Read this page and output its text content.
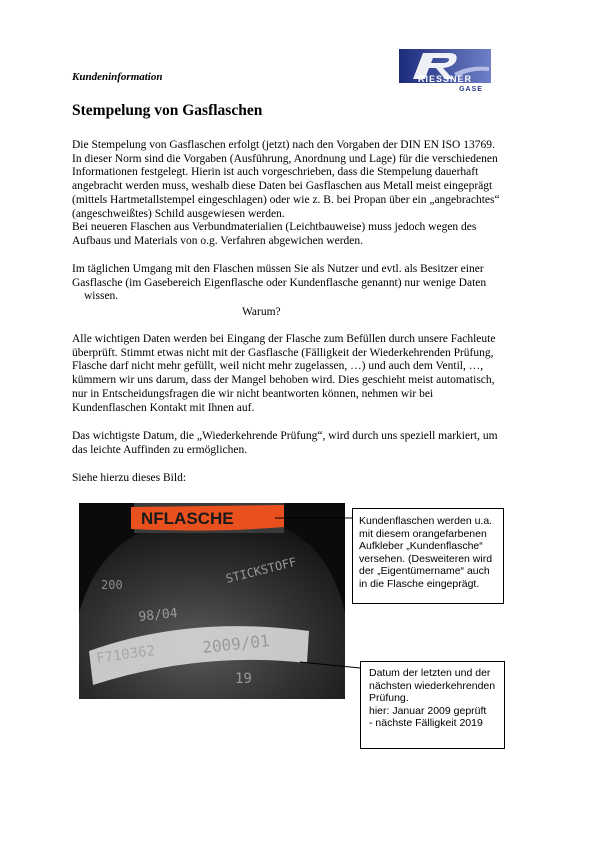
Kundeninformation
Stempelung von Gasflaschen
RIESSNER
GASE

Die Stempelung von Gasflaschen erfolgt (jetzt) nach den Vorgaben der DIN EN ISO 13769.

In dieser Norm sind die Vorgaben (Ausführung, Anordnung und Lage) für die verschiedenen

Informationen festgelegt. Hierin ist auch vorgeschrieben, dass die Stempelung dauerhaft

angebracht werden muss, weshalb diese Daten bei Gasflaschen aus Metall meist eingeprägt

(mittels Hartmetallstempel eingeschlagen) oder wie z. B. bei Propan über ein „angebrachtes“

(angeschweißtes) Schild ausgewiesen werden.

Bei neueren Flaschen aus Verbundmaterialien (Leichtbauweise) muss jedoch wegen des

Aufbaus und Materials von o.g. Verfahren abgewichen werden.

Im täglichen Umgang mit den Flaschen müssen Sie als Nutzer und evtl. als Besitzer einer

Gasflasche (im Gasebereich Eigenflasche oder Kundenflasche genannt) nur wenige Daten

wissen.

Warum?

Alle wichtigen Daten werden bei Eingang der Flasche zum Befüllen durch unsere Fachleute

überprüft. Stimmt etwas nicht mit der Gasflasche (Fälligkeit der Wiederkehrenden Prüfung,

Flasche darf nicht mehr gefüllt, weil nicht mehr zugelassen, …) und auch dem Ventil, …,

kümmern wir uns darum, dass der Mangel behoben wird. Dies geschieht meist automatisch,

nur in Entscheidungsfragen die wir nicht beantworten können, nehmen wir bei

Kundenflaschen Kontakt mit Ihnen auf.

Das wichtigste Datum, die „Wiederkehrende Prüfung“, wird durch uns speziell markiert, um

das leichte Auffinden zu ermöglichen.

Siehe hierzu dieses Bild:

NFLASCHE
STICKSTOFF
200
98/04
F710362	2009/01
19
Kundenflaschen werden u.a.
mit diesem orangefarbenen
Aufkleber „Kundenflasche“
versehen. (Desweiteren wird
der „Eigentümername“ auch
in die Flasche eingeprägt.
Datum der letzten und der
nächsten wiederkehrenden
Prüfung.
hier: Januar 2009 geprüft
- nächste Fälligkeit 2019
